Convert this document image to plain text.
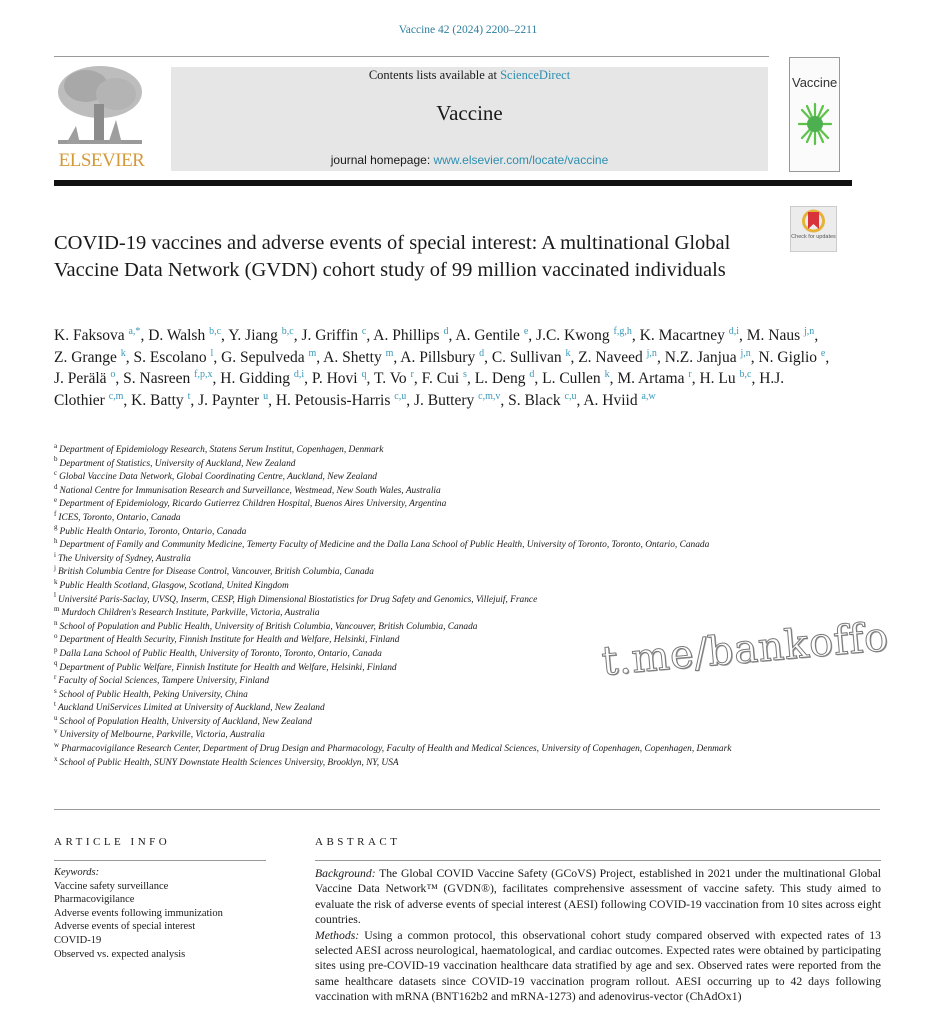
Vaccine 42 (2024) 2200–2211
ELSEVIER
Contents lists available at ScienceDirect
Vaccine
journal homepage: www.elsevier.com/locate/vaccine
Vaccine
Check for updates
COVID-19 vaccines and adverse events of special interest: A multinational Global Vaccine Data Network (GVDN) cohort study of 99 million vaccinated individuals
K. Faksova $^{a,*}$, D. Walsh $^{b,c}$, Y. Jiang $^{b,c}$, J. Griffin $^c$, A. Phillips $^d$, A. Gentile $^e$, J.C. Kwong $^{f,g,h}$, K. Macartney $^{d,i}$, M. Naus $^{j,n}$, Z. Grange $^k$, S. Escolano $^l$, G. Sepulveda $^m$, A. Shetty $^m$, A. Pillsbury $^d$, C. Sullivan $^k$, Z. Naveed $^{j,n}$, N.Z. Janjua $^{j,n}$, N. Giglio $^e$, J. Perälä $^o$, S. Nasreen $^{f,p,x}$, H. Gidding $^{d,i}$, P. Hovi $^q$, T. Vo $^r$, F. Cui $^s$, L. Deng $^d$, L. Cullen $^k$, M. Artama $^r$, H. Lu $^{b,c}$, H.J. Clothier $^{c,m}$, K. Batty $^t$, J. Paynter $^u$, H. Petousis-Harris $^{c,u}$, J. Buttery $^{c,m,v}$, S. Black $^{c,u}$, A. Hviid $^{a,w}$
$^a$ Department of Epidemiology Research, Statens Serum Institut, Copenhagen, Denmark
$^b$ Department of Statistics, University of Auckland, New Zealand
$^c$ Global Vaccine Data Network, Global Coordinating Centre, Auckland, New Zealand
$^d$ National Centre for Immunisation Research and Surveillance, Westmead, New South Wales, Australia
$^e$ Department of Epidemiology, Ricardo Gutierrez Children Hospital, Buenos Aires University, Argentina
$^f$ ICES, Toronto, Ontario, Canada
$^g$ Public Health Ontario, Toronto, Ontario, Canada
$^h$ Department of Family and Community Medicine, Temerty Faculty of Medicine and the Dalla Lana School of Public Health, University of Toronto, Toronto, Ontario, Canada
$^i$ The University of Sydney, Australia
$^j$ British Columbia Centre for Disease Control, Vancouver, British Columbia, Canada
$^k$ Public Health Scotland, Glasgow, Scotland, United Kingdom
$^l$ Université Paris-Saclay, UVSQ, Inserm, CESP, High Dimensional Biostatistics for Drug Safety and Genomics, Villejuif, France
$^m$ Murdoch Children's Research Institute, Parkville, Victoria, Australia
$^n$ School of Population and Public Health, University of British Columbia, Vancouver, British Columbia, Canada
$^o$ Department of Health Security, Finnish Institute for Health and Welfare, Helsinki, Finland
$^p$ Dalla Lana School of Public Health, University of Toronto, Toronto, Ontario, Canada
$^q$ Department of Public Welfare, Finnish Institute for Health and Welfare, Helsinki, Finland
$^r$ Faculty of Social Sciences, Tampere University, Finland
$^s$ School of Public Health, Peking University, China
$^t$ Auckland UniServices Limited at University of Auckland, New Zealand
$^u$ School of Population Health, University of Auckland, New Zealand
$^v$ University of Melbourne, Parkville, Victoria, Australia
$^w$ Pharmacovigilance Research Center, Department of Drug Design and Pharmacology, Faculty of Health and Medical Sciences, University of Copenhagen, Copenhagen, Denmark
$^x$ School of Public Health, SUNY Downstate Health Sciences University, Brooklyn, NY, USA
t.me/bankoffo
ARTICLE INFO	ABSTRACT
Keywords:
Vaccine safety surveillance
Pharmacovigilance
Adverse events following immunization
Adverse events of special interest
COVID-19
Observed vs. expected analysis
Background: The Global COVID Vaccine Safety (GCoVS) Project, established in 2021 under the multinational Global Vaccine Data Network™ (GVDN®), facilitates comprehensive assessment of vaccine safety. This study aimed to evaluate the risk of adverse events of special interest (AESI) following COVID-19 vaccination from 10 sites across eight countries.
Methods: Using a common protocol, this observational cohort study compared observed with expected rates of 13 selected AESI across neurological, haematological, and cardiac outcomes. Expected rates were obtained by participating sites using pre-COVID-19 vaccination healthcare data stratified by age and sex. Observed rates were reported from the same healthcare datasets since COVID-19 vaccination program rollout. AESI occurring up to 42 days following vaccination with mRNA (BNT162b2 and mRNA-1273) and adenovirus-vector (ChAdOx1)
